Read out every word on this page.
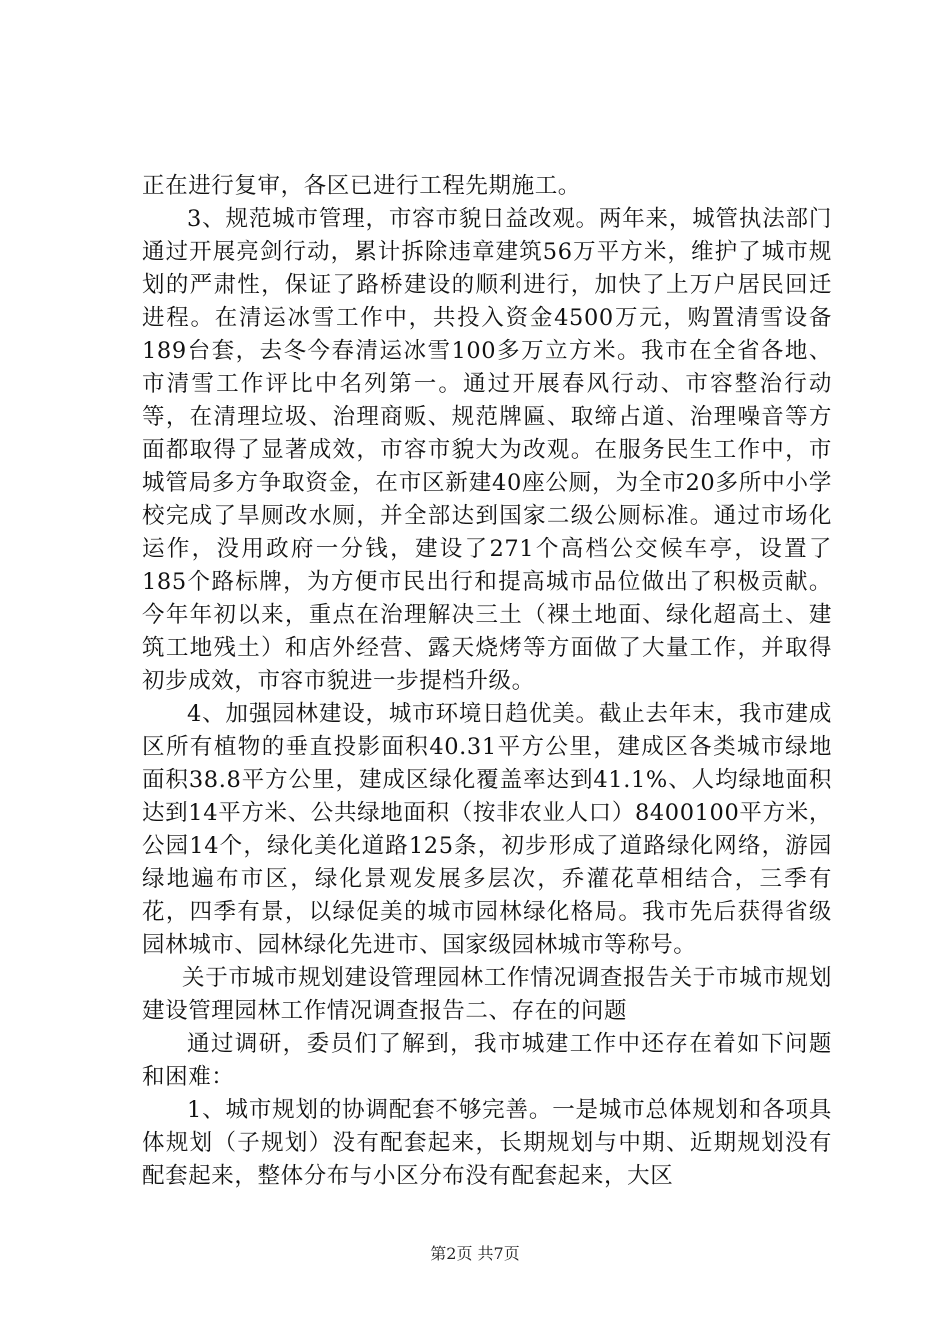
正在进行复审，各区已进行工程先期施工。

3、规范城市管理，市容市貌日益改观。两年来，城管执法部门通过开展亮剑行动，累计拆除违章建筑56万平方米，维护了城市规划的严肃性，保证了路桥建设的顺利进行，加快了上万户居民回迁进程。在清运冰雪工作中，共投入资金4500万元，购置清雪设备189台套，去冬今春清运冰雪100多万立方米。我市在全省各地、市清雪工作评比中名列第一。通过开展春风行动、市容整治行动等，在清理垃圾、治理商贩、规范牌匾、取缔占道、治理噪音等方面都取得了显著成效，市容市貌大为改观。在服务民生工作中，市城管局多方争取资金，在市区新建40座公厕，为全市20多所中小学校完成了旱厕改水厕，并全部达到国家二级公厕标准。通过市场化运作，没用政府一分钱，建设了271个高档公交候车亭，设置了185个路标牌，为方便市民出行和提高城市品位做出了积极贡献。今年年初以来，重点在治理解决三土（裸土地面、绿化超高土、建筑工地残土）和店外经营、露天烧烤等方面做了大量工作，并取得初步成效，市容市貌进一步提档升级。

4、加强园林建设，城市环境日趋优美。截止去年末，我市建成区所有植物的垂直投影面积40.31平方公里，建成区各类城市绿地面积38.8平方公里，建成区绿化覆盖率达到41.1%、人均绿地面积达到14平方米、公共绿地面积（按非农业人口）8400100平方米，公园14个，绿化美化道路125条，初步形成了道路绿化网络，游园绿地遍布市区，绿化景观发展多层次，乔灌花草相结合，三季有花，四季有景，以绿促美的城市园林绿化格局。我市先后获得省级园林城市、园林绿化先进市、国家级园林城市等称号。

关于市城市规划建设管理园林工作情况调查报告关于市城市规划建设管理园林工作情况调查报告二、存在的问题

通过调研，委员们了解到，我市城建工作中还存在着如下问题和困难：

1、城市规划的协调配套不够完善。一是城市总体规划和各项具体规划（子规划）没有配套起来，长期规划与中期、近期规划没有配套起来，整体分布与小区分布没有配套起来，大区

第2页 共7页
